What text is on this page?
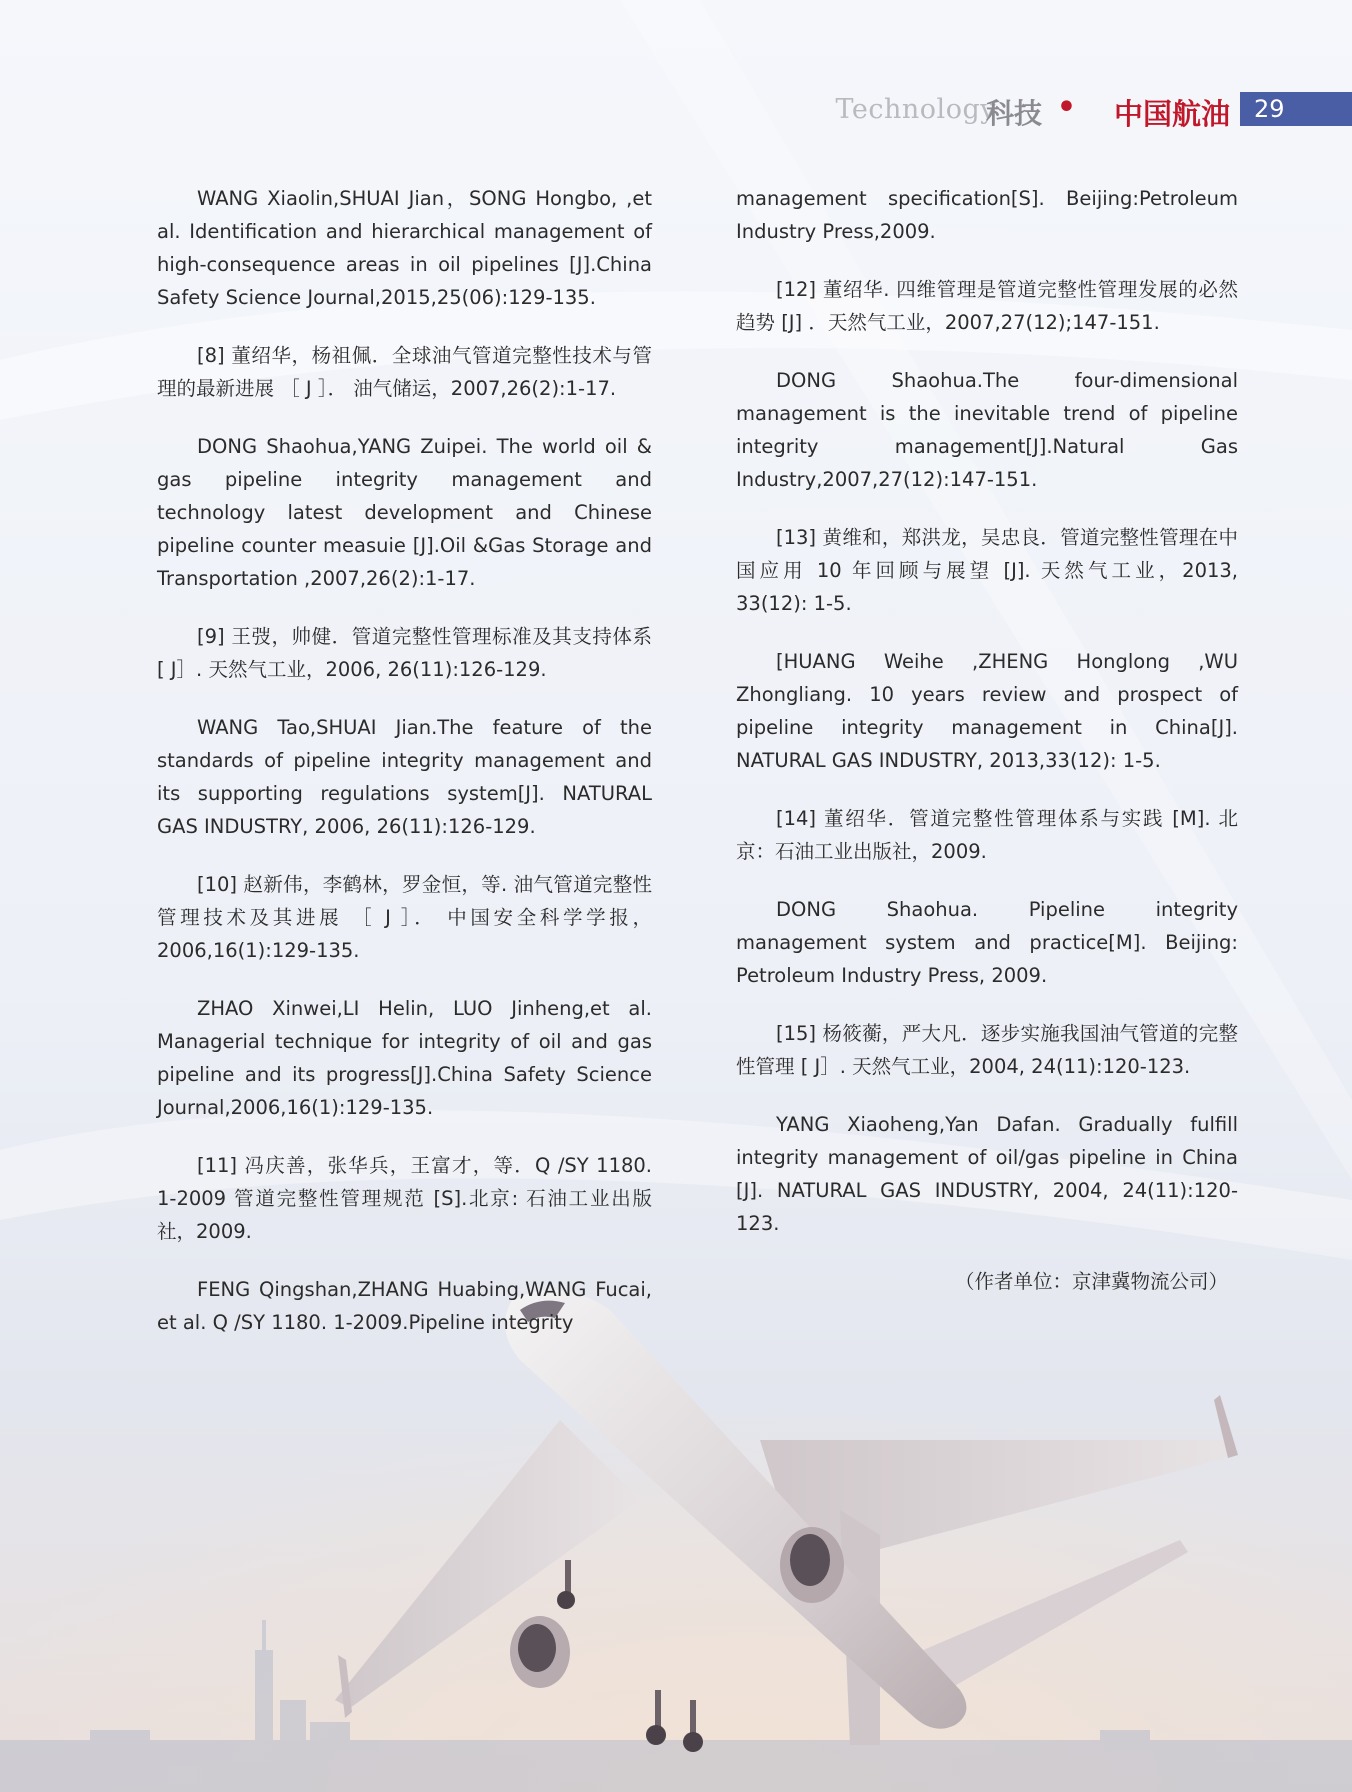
Technology
科技 • 中国航油	29

WANG Xiaolin,SHUAI Jian，SONG Hongbo, ,et al. Identification and hierarchical management of high-consequence areas in oil pipelines [J].China Safety Science Journal,2015,25(06):129-135.

[8] 董绍华，杨祖佩．全球油气管道完整性技术与管理的最新进展 ［ J ］． 油气储运，2007,26(2):1-17.

DONG Shaohua,YANG Zuipei. The world oil & gas pipeline integrity management and technology latest development and Chinese pipeline counter measuie [J].Oil &Gas Storage and Transportation ,2007,26(2):1-17.

[9] 王弢，帅健．管道完整性管理标准及其支持体系 [ J］. 天然气工业，2006, 26(11):126-129.

WANG Tao,SHUAI Jian.The feature of the standards of pipeline integrity management and its supporting regulations system[J]. NATURAL GAS INDUSTRY, 2006, 26(11):126-129.

[10] 赵新伟，李鹤林，罗金恒，等. 油气管道完整性管理技术及其进展 ［ J ］． 中国安全科学学报，2006,16(1):129-135.

ZHAO Xinwei,LI Helin, LUO Jinheng,et al. Managerial technique for integrity of oil and gas pipeline and its progress[J].China Safety Science Journal,2006,16(1):129-135.

[11] 冯庆善，张华兵，王富才，等．Q /SY 1180. 1-2009 管道完整性管理规范 [S].北京: 石油工业出版社，2009.

FENG Qingshan,ZHANG Huabing,WANG Fucai, et al. Q /SY 1180. 1-2009.Pipeline integrity

management specification[S]. Beijing:Petroleum Industry Press,2009.

[12] 董绍华. 四维管理是管道完整性管理发展的必然趋势 [J] ．天然气工业，2007,27(12);147-151.

DONG Shaohua.The four-dimensional management is the inevitable trend of pipeline integrity management[J].Natural Gas Industry,2007,27(12):147-151.

[13] 黄维和，郑洪龙，吴忠良．管道完整性管理在中国应用 10 年回顾与展望 [J]. 天然气工业，2013, 33(12): 1-5.

[HUANG Weihe ,ZHENG Honglong ,WU Zhongliang. 10 years review and prospect of pipeline integrity management in China[J]. NATURAL GAS INDUSTRY, 2013,33(12): 1-5.

[14] 董绍华．管道完整性管理体系与实践 [M]. 北京：石油工业出版社，2009.

DONG Shaohua. Pipeline integrity management system and practice[M]. Beijing: Petroleum Industry Press, 2009.

[15] 杨筱蘅，严大凡．逐步实施我国油气管道的完整性管理 [ J］. 天然气工业，2004, 24(11):120-123.

YANG Xiaoheng,Yan Dafan. Gradually fulfill integrity management of oil/gas pipeline in China [J]. NATURAL GAS INDUSTRY, 2004, 24(11):120-123.

（作者单位：京津冀物流公司）
